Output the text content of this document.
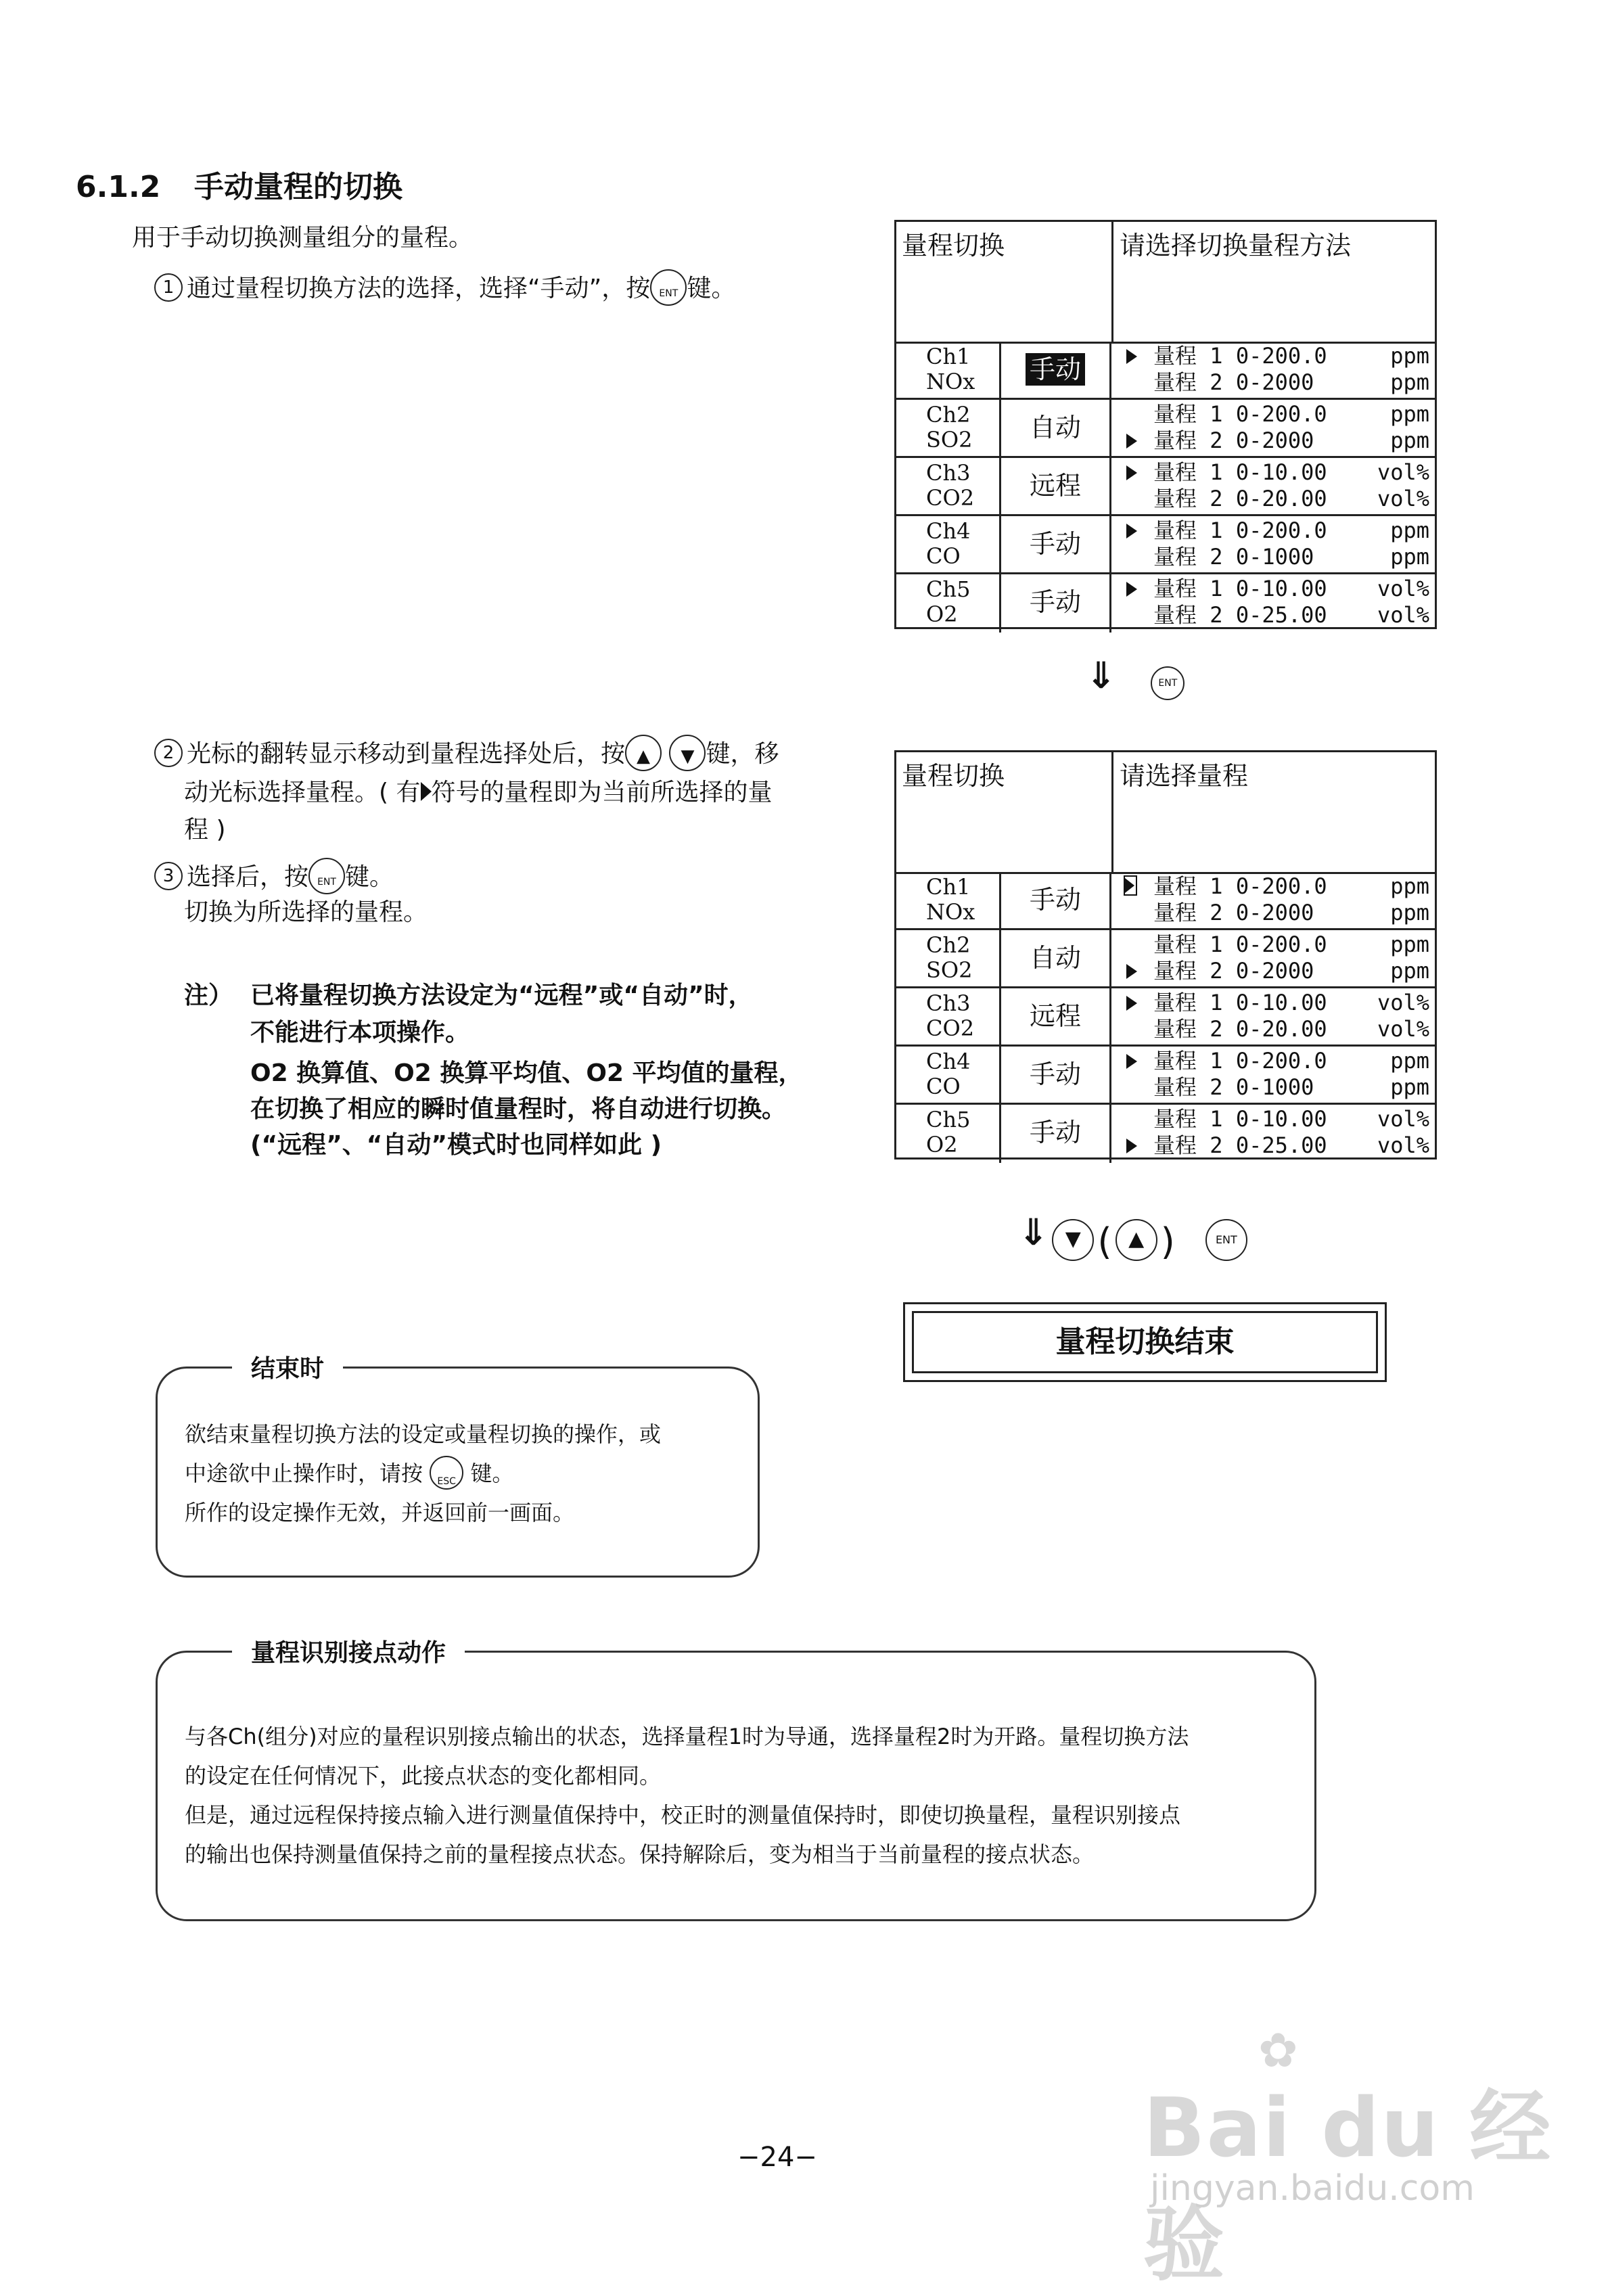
6.1.2 手动量程的切换
用于手动切换测量组分的量程。
1 通过量程切换方法的选择，选择“手动”，按 ENT 键。
量程切换	请选择切换量程方法
Ch1
NOx	手动	量程 1 0-200.0	ppm
量程 2 0-2000	ppm
Ch2
SO2	自动	量程 1 0-200.0	ppm
量程 2 0-2000	ppm
Ch3
CO2	远程	量程 1 0-10.00 vol%
量程 2 0-20.00 vol%
Ch4
CO	手动	量程 1 0-200.0	ppm
量程 2 0-1000	ppm
Ch5
O2	手动	量程 1 0-10.00 vol%
量程 2 0-25.00 vol%
⇓	ENT
2 光标的翻转显示移动到量程选择处后，按 ▲ ▼ 键，移
动光标选择量程。( 有 符号的量程即为当前所选择的量
程 )
3 选择后，按 ENT 键。
切换为所选择的量程。
注） 已将量程切换方法设定为“远程”或“自动”时，
不能进行本项操作。
O2 换算值、O2 换算平均值、O2 平均值的量程，
在切换了相应的瞬时值量程时，将自动进行切换。
(“远程”、“自动”模式时也同样如此 )
量程切换	请选择量程
Ch1
NOx	手动	量程 1 0-200.0	ppm
量程 2 0-2000	ppm
Ch2
SO2	自动	量程 1 0-200.0	ppm
量程 2 0-2000	ppm
Ch3
CO2	远程	量程 1 0-10.00 vol%
量程 2 0-20.00 vol%
Ch4
CO	手动	量程 1 0-200.0	ppm
量程 2 0-1000	ppm
Ch5
O2	手动	量程 1 0-10.00 vol%
量程 2 0-25.00 vol%
⇓ ▼ ( ▲ )	ENT
量程切换结束
结束时
欲结束量程切换方法的设定或量程切换的操作，或
中途欲中止操作时，请按 ESC 键。
所作的设定操作无效，并返回前一画面。
量程识别接点动作
与各Ch(组分)对应的量程识别接点输出的状态，选择量程1时为导通，选择量程2时为开路。量程切换方法
的设定在任何情况下，此接点状态的变化都相同。
但是，通过远程保持接点输入进行测量值保持中，校正时的测量值保持时，即使切换量程，量程识别接点
的输出也保持测量值保持之前的量程接点状态。保持解除后，变为相当于当前量程的接点状态。
−24−
✿
Bai du 经验
jingyan.baidu.com
